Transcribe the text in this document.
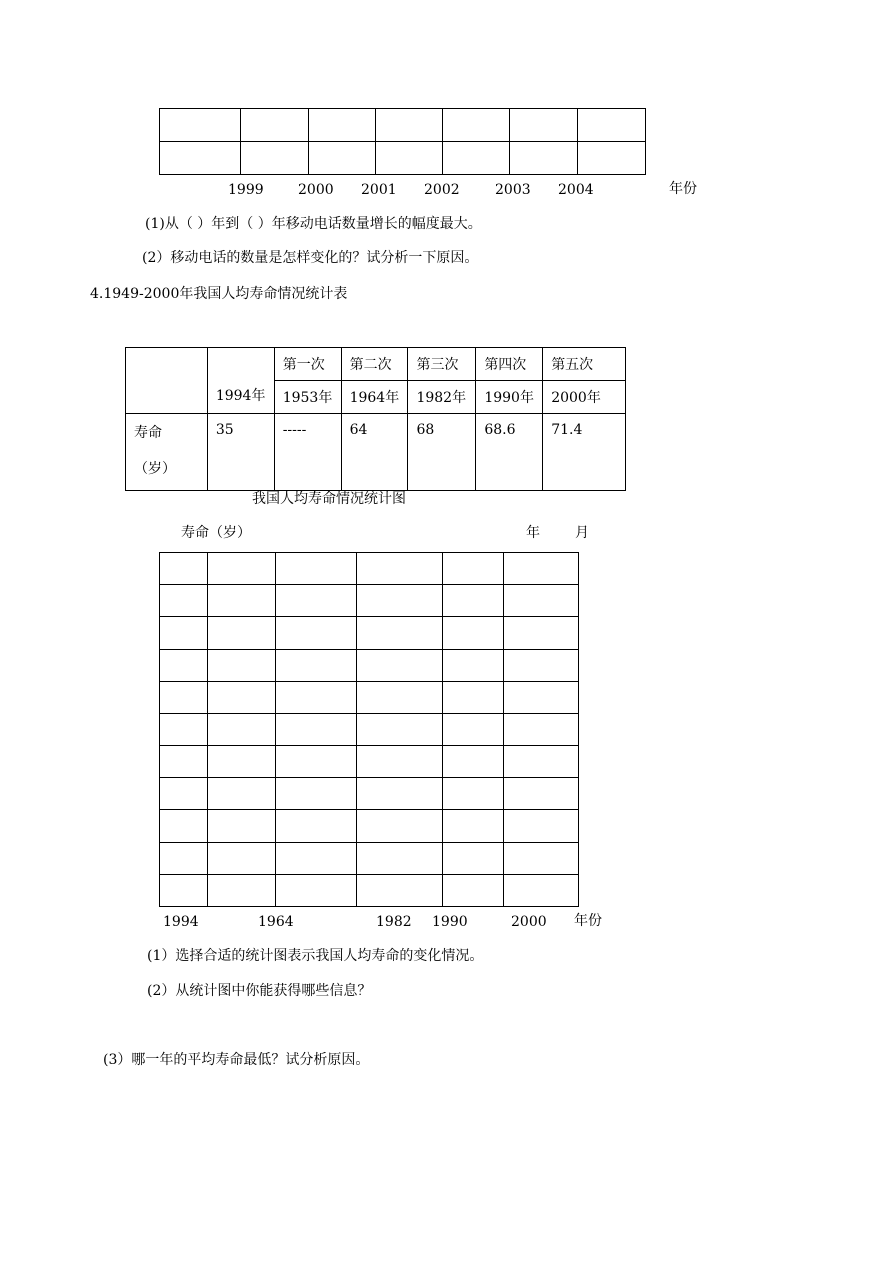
1999 2000 2001 2002	2003 2004	年份
(1)从（ ）年到（ ）年移动电话数量增长的幅度最大。
(2）移动电话的数量是怎样变化的？试分析一下原因。
4.1949-2000年我国人均寿命情况统计表
	1994年	第一次	第二次	第三次	第四次	第五次
		1953年	1964年	1982年	1990年	2000年

寿命
（岁）	35	-----	64	68	68.6	71.4
我国人均寿命情况统计图
寿命（岁）	年	月

1994	1964	1982 1990	2000 年份
(1）选择合适的统计图表示我国人均寿命的变化情况。
(2）从统计图中你能获得哪些信息？
(3）哪一年的平均寿命最低？试分析原因。
